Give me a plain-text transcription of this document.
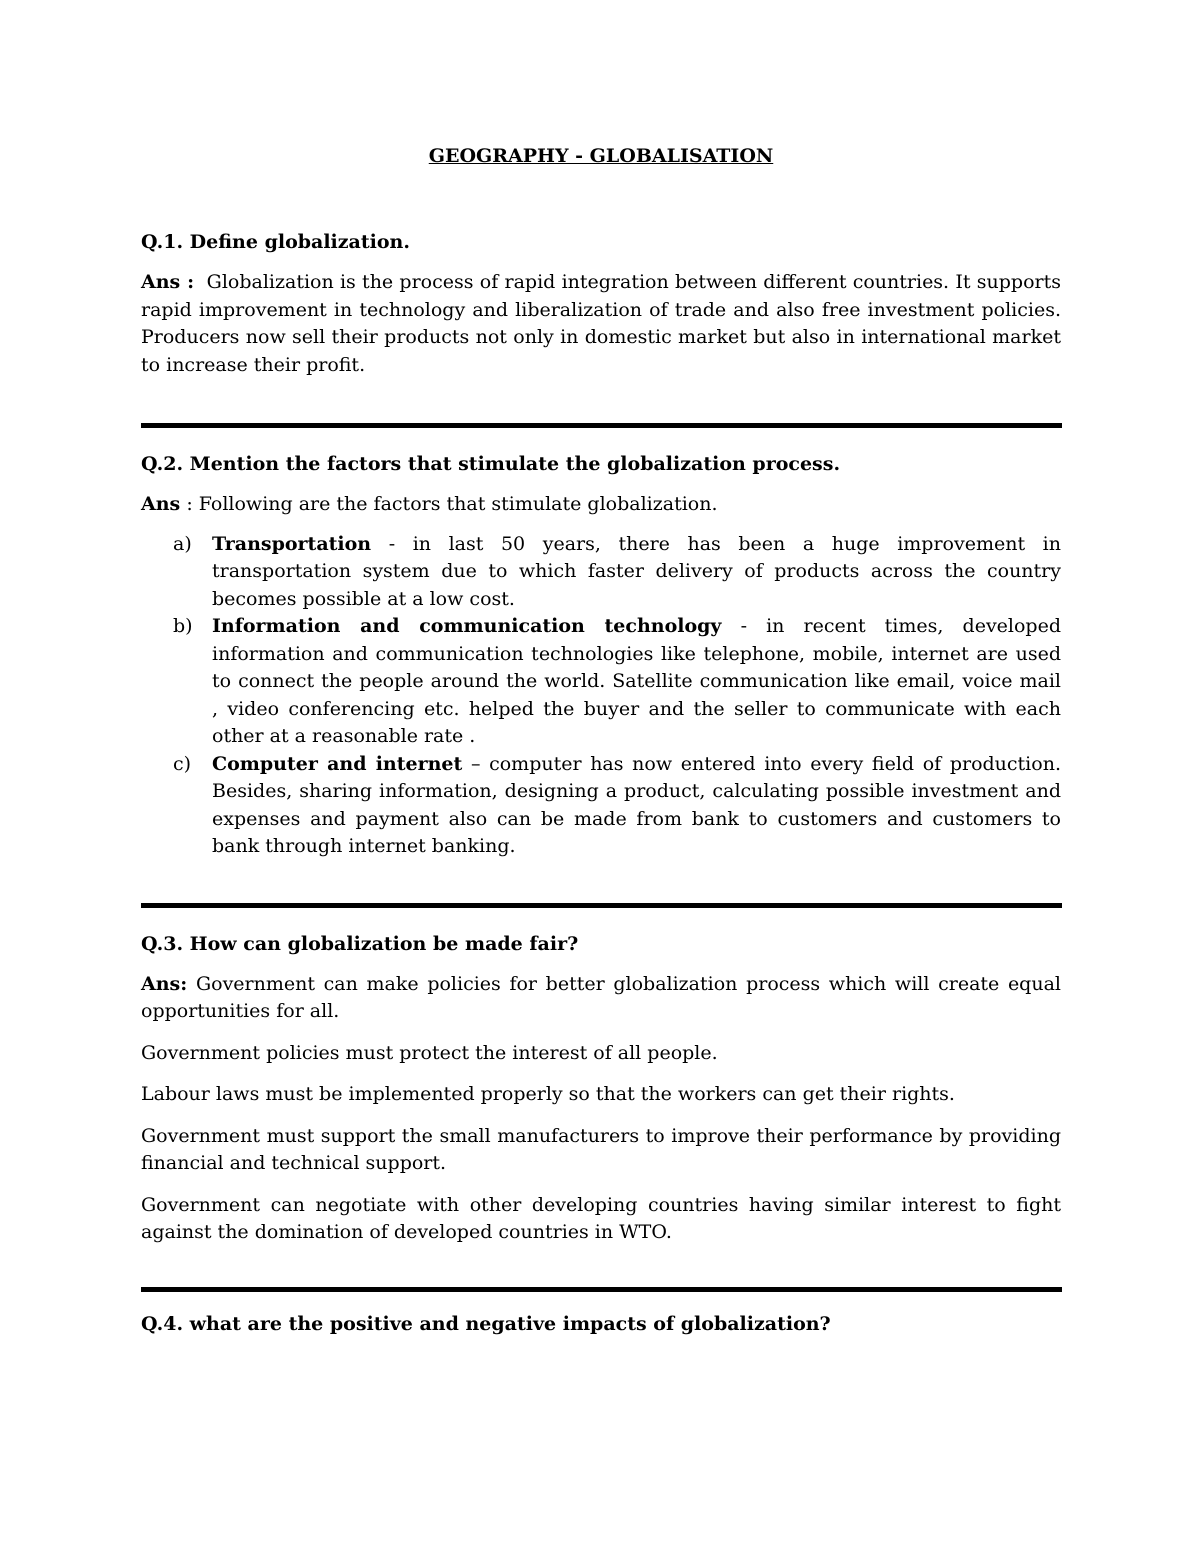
GEOGRAPHY - GLOBALISATION
Q.1. Define globalization.
Ans : Globalization is the process of rapid integration between different countries. It supports rapid improvement in technology and liberalization of trade and also free investment policies. Producers now sell their products not only in domestic market but also in international market to increase their profit.
Q.2. Mention the factors that stimulate the globalization process.
Ans : Following are the factors that stimulate globalization.
a) Transportation - in last 50 years, there has been a huge improvement in transportation system due to which faster delivery of products across the country becomes possible at a low cost.
b) Information and communication technology - in recent times, developed information and communication technologies like telephone, mobile, internet are used to connect the people around the world. Satellite communication like email, voice mail , video conferencing etc. helped the buyer and the seller to communicate with each other at a reasonable rate .
c) Computer and internet – computer has now entered into every field of production. Besides, sharing information, designing a product, calculating possible investment and expenses and payment also can be made from bank to customers and customers to bank through internet banking.
Q.3. How can globalization be made fair?
Ans: Government can make policies for better globalization process which will create equal opportunities for all.
Government policies must protect the interest of all people.
Labour laws must be implemented properly so that the workers can get their rights.
Government must support the small manufacturers to improve their performance by providing financial and technical support.
Government can negotiate with other developing countries having similar interest to fight against the domination of developed countries in WTO.
Q.4. what are the positive and negative impacts of globalization?
